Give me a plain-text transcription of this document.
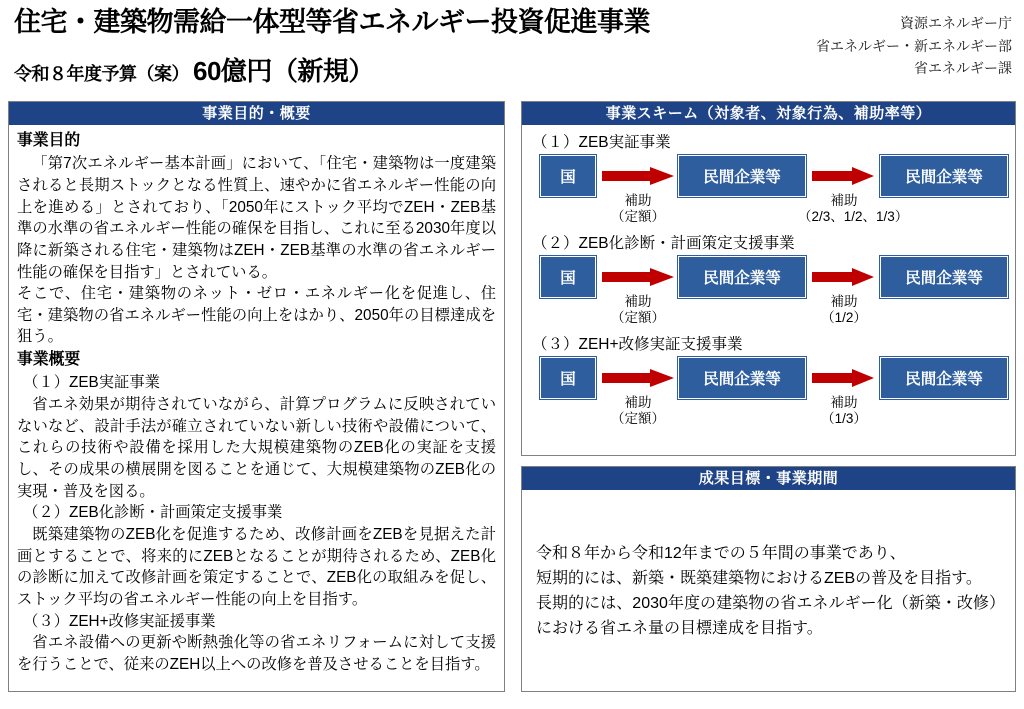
住宅・建築物需給一体型等省エネルギー投資促進事業
令和８年度予算（案） 60億円（新規）
資源エネルギー庁
省エネルギー・新エネルギー部
省エネルギー課
事業目的・概要
事業目的

「第7次エネルギー基本計画」において、「住宅・建築物は一度建築されると長期ストックとなる性質上、速やかに省エネルギー性能の向上を進める」とされており、「2050年にストック平均でZEH・ZEB基準の水準の省エネルギー性能の確保を目指し、これに至る2030年度以降に新築される住宅・建築物はZEH・ZEB基準の水準の省エネルギー性能の確保を目指す」とされている。

そこで、住宅・建築物のネット・ゼロ・エネルギー化を促進し、住宅・建築物の省エネルギー性能の向上をはかり、2050年の目標達成を狙う。

事業概要

（１）ZEB実証事業

省エネ効果が期待されていながら、計算プログラムに反映されていないなど、設計手法が確立されていない新しい技術や設備について、これらの技術や設備を採用した大規模建築物のZEB化の実証を支援し、その成果の横展開を図ることを通じて、大規模建築物のZEB化の実現・普及を図る。

（２）ZEB化診断・計画策定支援事業

既築建築物のZEB化を促進するため、改修計画をZEBを見据えた計画とすることで、将来的にZEBとなることが期待されるため、ZEB化の診断に加えて改修計画を策定することで、ZEB化の取組みを促し、ストック平均の省エネルギー性能の向上を目指す。

（３）ZEH+改修実証援事業

省エネ設備への更新や断熱強化等の省エネリフォームに対して支援を行うことで、従来のZEH以上への改修を普及させることを目指す。

事業スキーム（対象者、対象行為、補助率等）
（１）ZEB実証事業
国
補助
（定額）
民間企業等
補助
（2/3、1/2、1/3）
民間企業等
（２）ZEB化診断・計画策定支援事業
国
補助
（定額）
民間企業等
補助
（1/2）
民間企業等
（３）ZEH+改修実証支援事業
国
補助
（定額）
民間企業等
補助
（1/3）
民間企業等
成果目標・事業期間

令和８年から令和12年までの５年間の事業であり、

短期的には、新築・既築建築物におけるZEBの普及を目指す。

長期的には、2030年度の建築物の省エネルギー化（新築・改修）における省エネ量の目標達成を目指す。
